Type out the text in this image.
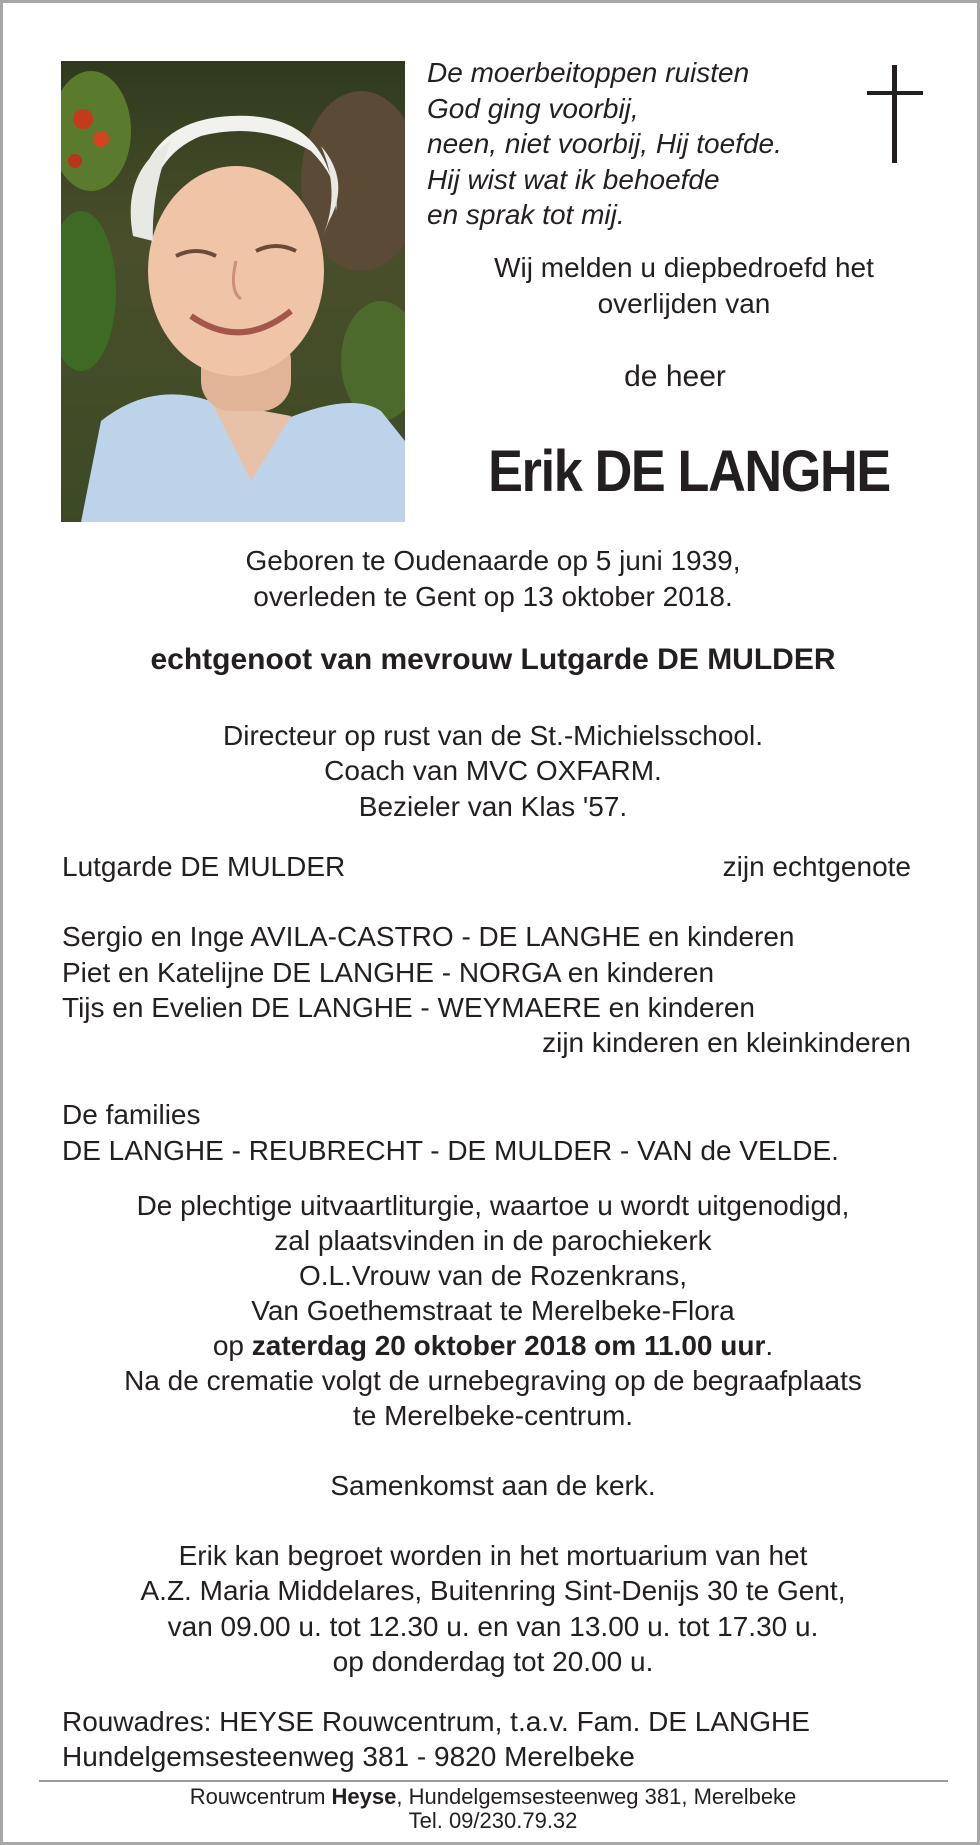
De moerbeitoppen ruisten
God ging voorbij,
neen, niet voorbij, Hij toefde.
Hij wist wat ik behoefde
en sprak tot mij.
Wij melden u diepbedroefd het
overlijden van
de heer
Erik DE LANGHE
Geboren te Oudenaarde op 5 juni 1939,
overleden te Gent op 13 oktober 2018.
echtgenoot van mevrouw Lutgarde DE MULDER
Directeur op rust van de St.-Michielsschool.
Coach van MVC OXFARM.
Bezieler van Klas '57.
Lutgarde DE MULDER	zijn echtgenote
Sergio en Inge AVILA-CASTRO - DE LANGHE en kinderen
Piet en Katelijne DE LANGHE - NORGA en kinderen
Tijs en Evelien DE LANGHE - WEYMAERE en kinderen
zijn kinderen en kleinkinderen
De families
DE LANGHE - REUBRECHT - DE MULDER - VAN de VELDE.
De plechtige uitvaartliturgie, waartoe u wordt uitgenodigd,
zal plaatsvinden in de parochiekerk
O.L.Vrouw van de Rozenkrans,
Van Goethemstraat te Merelbeke-Flora
op zaterdag 20 oktober 2018 om 11.00 uur.
Na de crematie volgt de urnebegraving op de begraafplaats
te Merelbeke-centrum.
Samenkomst aan de kerk.
Erik kan begroet worden in het mortuarium van het
A.Z. Maria Middelares, Buitenring Sint-Denijs 30 te Gent,
van 09.00 u. tot 12.30 u. en van 13.00 u. tot 17.30 u.
op donderdag tot 20.00 u.
Rouwadres: HEYSE Rouwcentrum, t.a.v. Fam. DE LANGHE
Hundelgemsesteenweg 381 - 9820 Merelbeke
Rouwcentrum Heyse, Hundelgemsesteenweg 381, Merelbeke
Tel. 09/230.79.32
